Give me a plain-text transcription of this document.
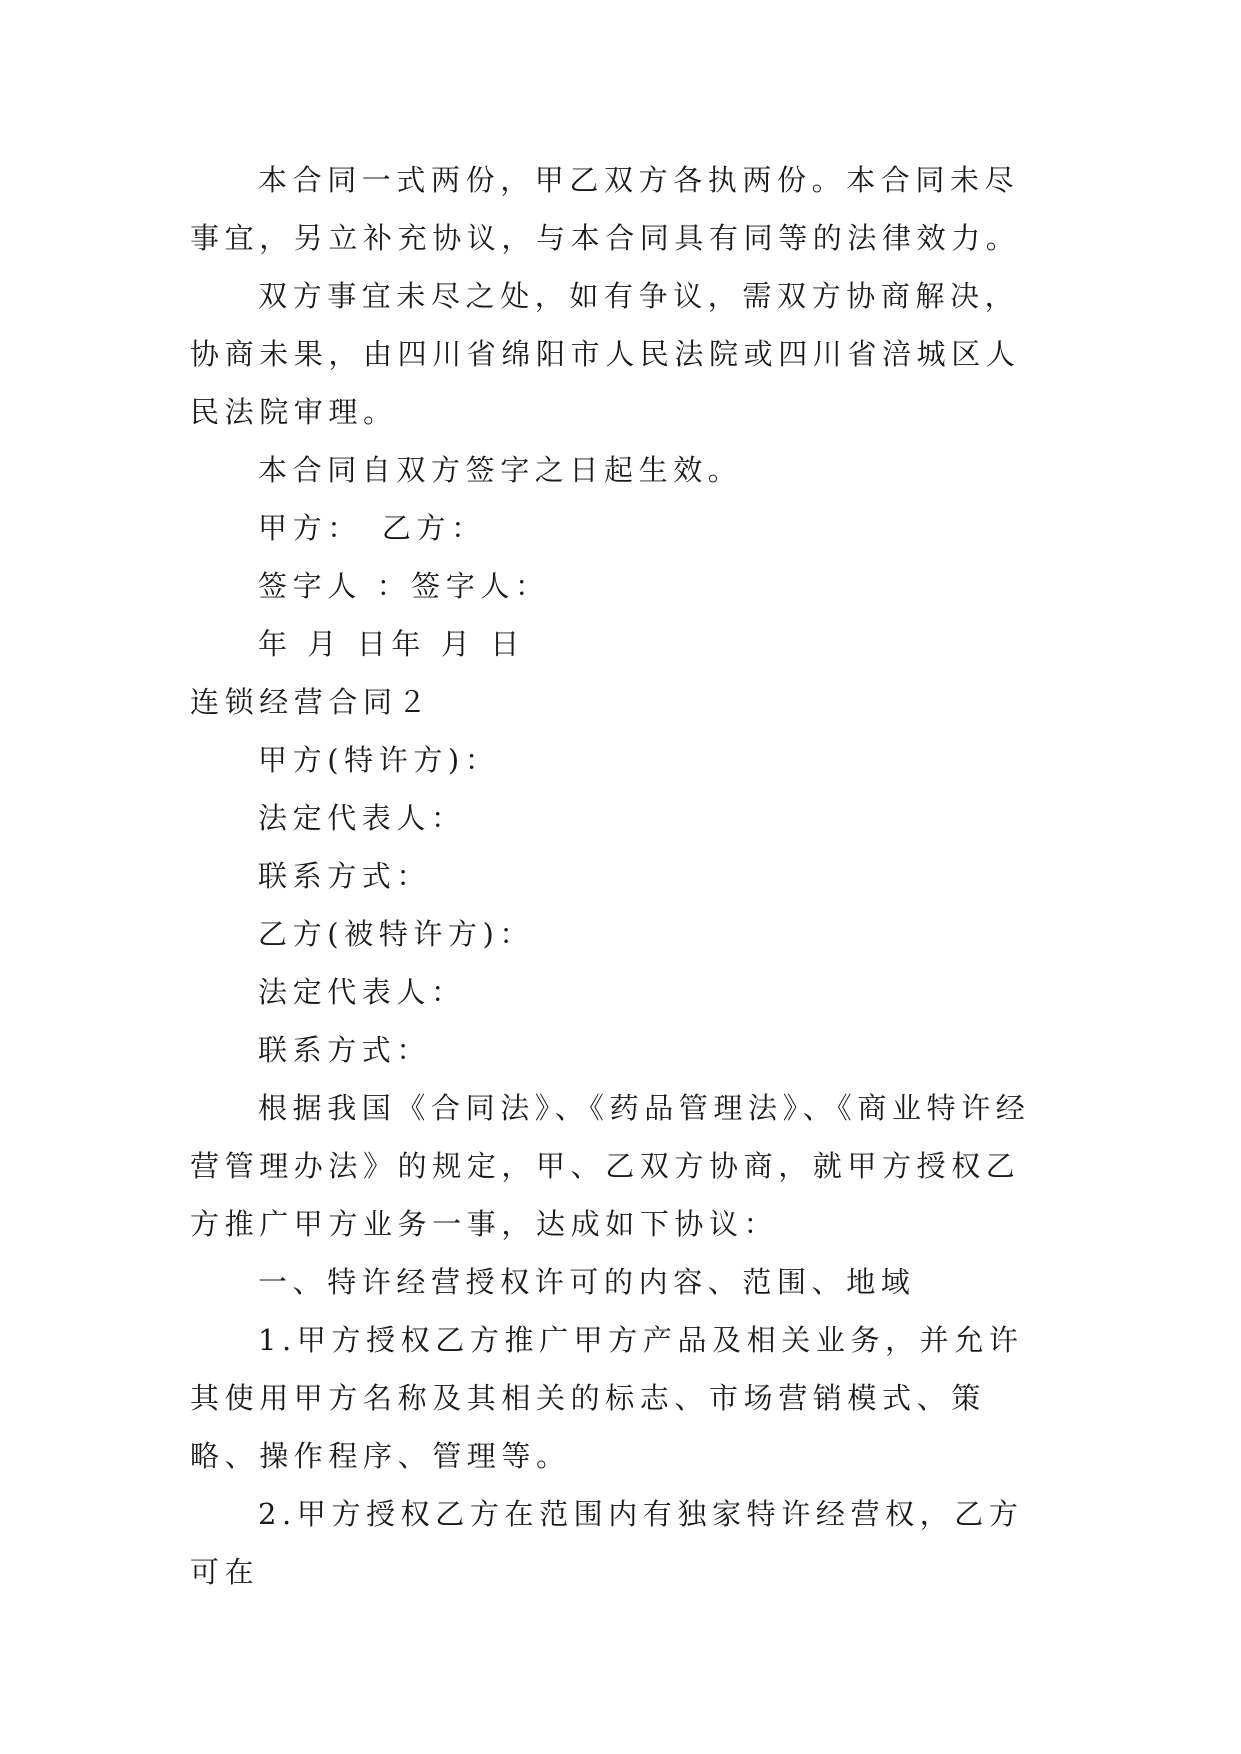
本合同一式两份，甲乙双方各执两份。本合同未尽事宜，另立补充协议，与本合同具有同等的法律效力。

双方事宜未尽之处，如有争议，需双方协商解决，协商未果，由四川省绵阳市人民法院或四川省涪城区人民法院审理。

本合同自双方签字之日起生效。

甲方：　乙方：

签字人 ：签字人：

年 月 日年 月 日

连锁经营合同２

甲方(特许方)：

法定代表人：

联系方式：

乙方(被特许方)：

法定代表人：

联系方式：

根据我国《合同法》、《药品管理法》、《商业特许经营管理办法》的规定，甲、乙双方协商，就甲方授权乙方推广甲方业务一事，达成如下协议：

一、特许经营授权许可的内容、范围、地域

1.甲方授权乙方推广甲方产品及相关业务，并允许其使用甲方名称及其相关的标志、市场营销模式、策略、操作程序、管理等。

2.甲方授权乙方在范围内有独家特许经营权，乙方可在
